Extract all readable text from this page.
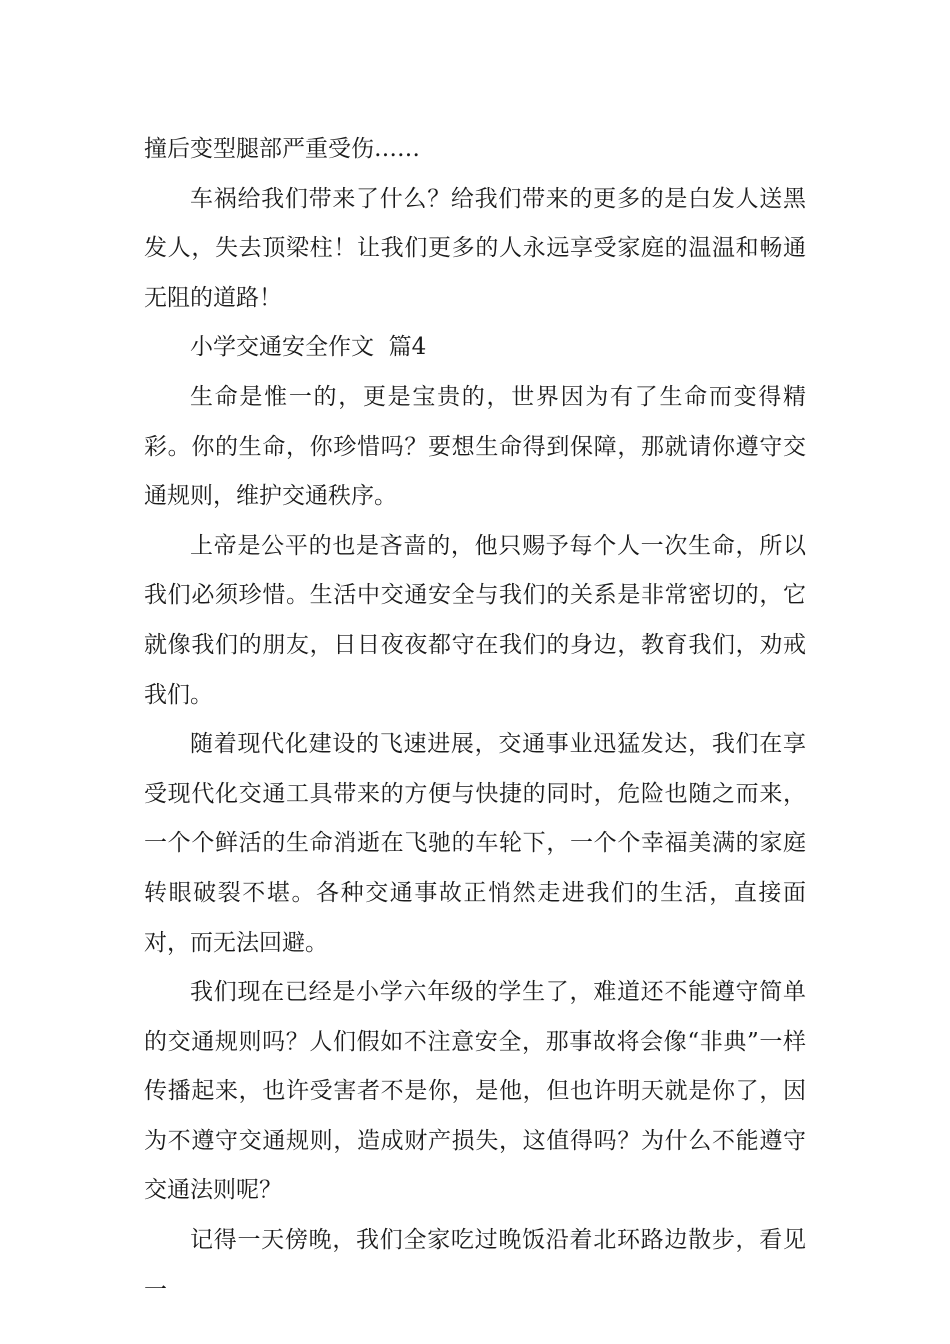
撞后变型腿部严重受伤……

车祸给我们带来了什么？给我们带来的更多的是白发人送黑发人，失去顶梁柱！让我们更多的人永远享受家庭的温温和畅通无阻的道路！

小学交通安全作文  篇4

生命是惟一的，更是宝贵的，世界因为有了生命而变得精彩。你的生命，你珍惜吗？要想生命得到保障，那就请你遵守交通规则，维护交通秩序。

上帝是公平的也是吝啬的，他只赐予每个人一次生命，所以我们必须珍惜。生活中交通安全与我们的关系是非常密切的，它就像我们的朋友，日日夜夜都守在我们的身边，教育我们，劝戒我们。

随着现代化建设的飞速进展，交通事业迅猛发达，我们在享受现代化交通工具带来的方便与快捷的同时，危险也随之而来，一个个鲜活的生命消逝在飞驰的车轮下，一个个幸福美满的家庭转眼破裂不堪。各种交通事故正悄然走进我们的生活，直接面对，而无法回避。

我们现在已经是小学六年级的学生了，难道还不能遵守简单的交通规则吗？人们假如不注意安全，那事故将会像“非典”一样传播起来，也许受害者不是你，是他，但也许明天就是你了，因为不遵守交通规则，造成财产损失，这值得吗？为什么不能遵守交通法则呢？

记得一天傍晚，我们全家吃过晚饭沿着北环路边散步，看见一
